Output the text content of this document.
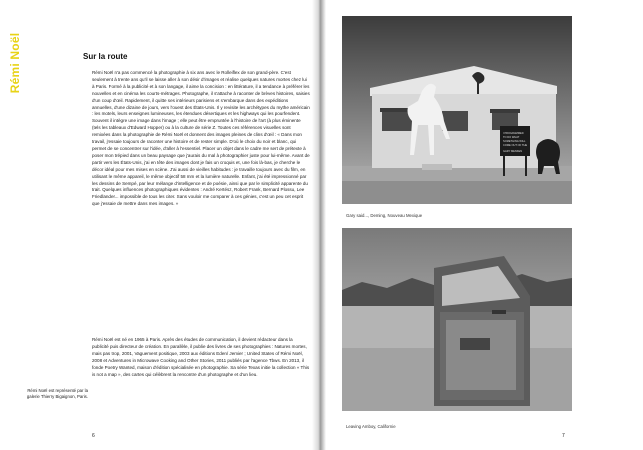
Rémi Noël	Sur la route

Rémi Noël n'a pas commencé la photographie à six ans avec le Rolleiflex de son grand-père. C'est seulement à trente ans qu'il se laisse aller à son désir d'images et réalise quelques natures mortes chez lui à Paris. Formé à la publicité et à son langage, il aime la concision : en littérature, il a tendance à préférer les nouvelles et en cinéma les courts-métrages. Photographe, il s'attache à raconter de brèves histoires, saisies d'un coup d'œil. Rapidement, il quitte ses intérieurs parisiens et s'embarque dans des expéditions annuelles, d'une dizaine de jours, vers l'ouest des États-Unis. Il y revisite les archétypes du mythe américain : les motels, leurs enseignes lumineuses, les étendues désertiques et les highways qui les pourfendent. Souvent il intègre une image dans l'image ; elle peut être empruntée à l'histoire de l'art (à plus éminente (tels les tableaux d'Edward Hopper) ou à la culture de série Z. Toutes ces références visuelles sont remixées dans la photographie de Rémi Noël et donnent des images pleines de clins d'œil : « Dans mon travail, j'essaie toujours de raconter une histoire et de rester simple. D'où le choix du noir et blanc, qui permet de se concentrer sur l'idée, d'aller à l'essentiel. Placer un objet dans le cadre me sert de prétexte à poser mon trépied dans un beau paysage que j'aurais du mal à photographier juste pour lui-même. Avant de partir vers les États-Unis, j'ai en tête des images dont je fais un croquis et, une fois là-bas, je cherche le décor idéal pour mes mises en scène. J'ai aussi de vieilles habitudes : je travaille toujours avec du film, en utilisant le même appareil, le même objectif 58 mm et la lumière naturelle. Enfant, j'ai été impressionné par les dessins de Sempé, par leur mélange d'intelligence et de poésie, ainsi que par le simplicité apparente du trait. Quelques influences photographiques évidentes : André Kertész, Robert Frank, Bernard Plossu, Lee Friedlander... impossible de tous les citer. Sans vouloir me comparer à ces génies, c'est un peu cet esprit que j'essaie de mettre dans mes images. »

Rémi Noël est né en 1965 à Paris. Après des études de communication, il devient rédacteur dans la publicité puis directeur de création. En parallèle, il publie des livres de ses photographies : Natures mortes, mais pas trop, 2001, Vaguement positique, 2003 aux éditions Eden/ Jemier ; United States of Rémi Noël, 2008 et Adventures in Microwave Cooking and Other Stories, 2011 publiés par l'agence Tbws. En 2013, il fonde Poetry Wanted, maison d'édition spécialisée en photographie. Sa série Texas initie la collection « This is not a map », des cartes qui célèbrent la rencontre d'un photographe et d'un lieu.

Rémi Noël est représenté par la galerie Thierry Bigaignon, Paris.
6
I PROGRAMMED
TO DO WHAT
SOMETHING WILL
COME OUT OF THE
GARY MENKEN
Gary said..., Deming, Nouveau Mexique
Leaving Amboy, Californie
7
